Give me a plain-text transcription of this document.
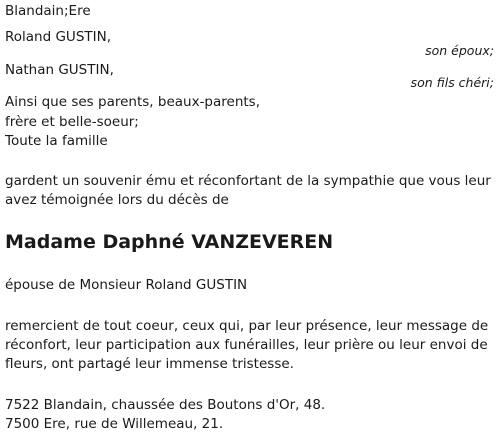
Blandain;Ere
Roland GUSTIN,
son époux;
Nathan GUSTIN,
son fils chéri;
Ainsi que ses parents, beaux-parents,
frère et belle-soeur;
Toute la famille
gardent un souvenir ému et réconfortant de la sympathie que vous leur
avez témoignée lors du décès de
Madame Daphné VANZEVEREN
épouse de Monsieur Roland GUSTIN
remercient de tout coeur, ceux qui, par leur présence, leur message de
réconfort, leur participation aux funérailles, leur prière ou leur envoi de
fleurs, ont partagé leur immense tristesse.
7522 Blandain, chaussée des Boutons d'Or, 48.
7500 Ere, rue de Willemeau, 21.
